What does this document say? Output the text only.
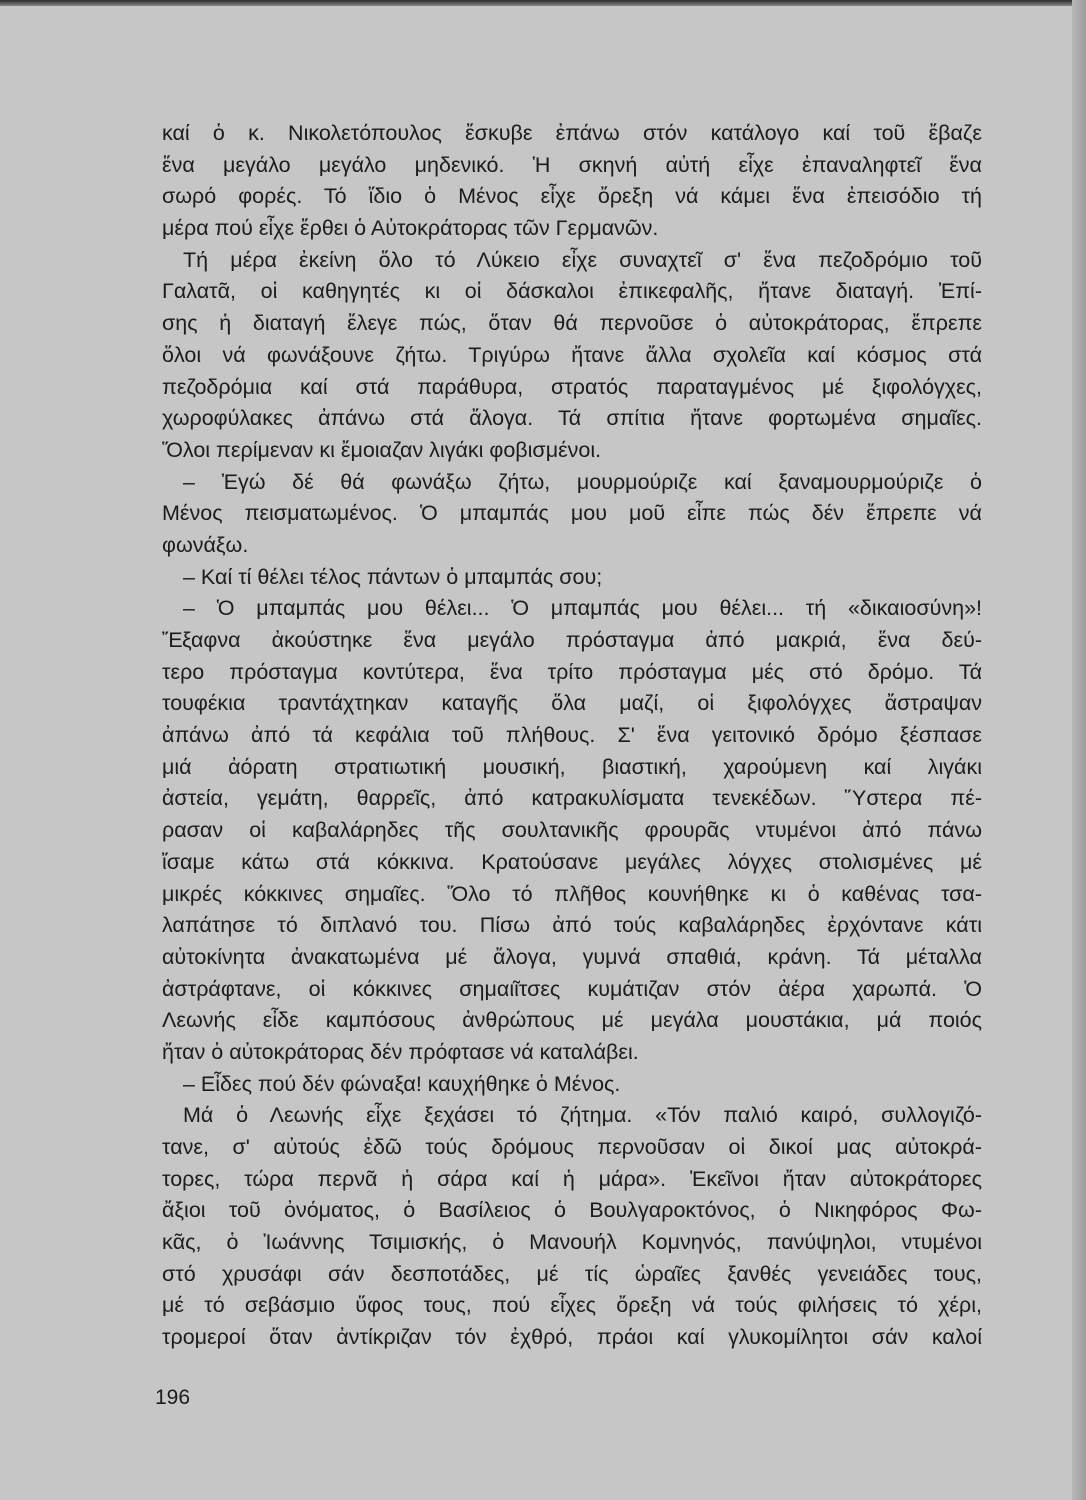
καί ὁ κ. Νικολετόπουλος ἔσκυβε ἐπάνω στόν κατάλογο καί τοῦ ἔβαζε
ἕνα μεγάλο μεγάλο μηδενικό. Ἡ σκηνή αὐτή εἶχε ἐπαναληφτεῖ ἕνα
σωρό φορές. Τό ἴδιο ὁ Μένος εἶχε ὄρεξη νά κάμει ἕνα ἐπεισόδιο τή
μέρα πού εἶχε ἔρθει ὁ Αὐτοκράτορας τῶν Γερμανῶν.
Τή μέρα ἐκείνη ὅλο τό Λύκειο εἶχε συναχτεῖ σ' ἕνα πεζοδρόμιο τοῦ
Γαλατᾶ, οἱ καθηγητές κι οἱ δάσκαλοι ἐπικεφαλῆς, ἤτανε διαταγή. Ἐπί-
σης ἡ διαταγή ἔλεγε πώς, ὅταν θά περνοῦσε ὁ αὐτοκράτορας, ἔπρεπε
ὅλοι νά φωνάξουνε ζήτω. Τριγύρω ἤτανε ἄλλα σχολεῖα καί κόσμος στά
πεζοδρόμια καί στά παράθυρα, στρατός παραταγμένος μέ ξιφολόγχες,
χωροφύλακες ἀπάνω στά ἄλογα. Τά σπίτια ἤτανε φορτωμένα σημαῖες.
Ὅλοι περίμεναν κι ἔμοιαζαν λιγάκι φοβισμένοι.
– Ἐγώ δέ θά φωνάξω ζήτω, μουρμούριζε καί ξαναμουρμούριζε ὁ
Μένος πεισματωμένος. Ὁ μπαμπάς μου μοῦ εἶπε πώς δέν ἔπρεπε νά
φωνάξω.
– Καί τί θέλει τέλος πάντων ὁ μπαμπάς σου;
– Ὁ μπαμπάς μου θέλει... Ὁ μπαμπάς μου θέλει... τή «δικαιοσύνη»!
Ἔξαφνα ἀκούστηκε ἕνα μεγάλο πρόσταγμα ἀπό μακριά, ἕνα δεύ-
τερο πρόσταγμα κοντύτερα, ἕνα τρίτο πρόσταγμα μές στό δρόμο. Τά
τουφέκια τραντάχτηκαν καταγῆς ὅλα μαζί, οἱ ξιφολόγχες ἄστραψαν
ἀπάνω ἀπό τά κεφάλια τοῦ πλήθους. Σ' ἕνα γειτονικό δρόμο ξέσπασε
μιά ἀόρατη στρατιωτική μουσική, βιαστική, χαρούμενη καί λιγάκι
ἀστεία, γεμάτη, θαρρεῖς, ἀπό κατρακυλίσματα τενεκέδων. Ὕστερα πέ-
ρασαν οἱ καβαλάρηδες τῆς σουλτανικῆς φρουρᾶς ντυμένοι ἀπό πάνω
ἴσαμε κάτω στά κόκκινα. Κρατούσανε μεγάλες λόγχες στολισμένες μέ
μικρές κόκκινες σημαῖες. Ὅλο τό πλῆθος κουνήθηκε κι ὁ καθένας τσα-
λαπάτησε τό διπλανό του. Πίσω ἀπό τούς καβαλάρηδες ἐρχόντανε κάτι
αὐτοκίνητα ἀνακατωμένα μέ ἄλογα, γυμνά σπαθιά, κράνη. Τά μέταλλα
ἀστράφτανε, οἱ κόκκινες σημαιῖτσες κυμάτιζαν στόν ἀέρα χαρωπά. Ὁ
Λεωνής εἶδε καμπόσους ἀνθρώπους μέ μεγάλα μουστάκια, μά ποιός
ἤταν ὁ αὐτοκράτορας δέν πρόφτασε νά καταλάβει.
– Εἶδες πού δέν φώναξα! καυχήθηκε ὁ Μένος.
Μά ὁ Λεωνής εἶχε ξεχάσει τό ζήτημα. «Τόν παλιό καιρό, συλλογιζό-
τανε, σ' αὐτούς ἐδῶ τούς δρόμους περνοῦσαν οἱ δικοί μας αὐτοκρά-
τορες, τώρα περνᾶ ἡ σάρα καί ἡ μάρα». Ἐκεῖνοι ἤταν αὐτοκράτορες
ἄξιοι τοῦ ὀνόματος, ὁ Βασίλειος ὁ Βουλγαροκτόνος, ὁ Νικηφόρος Φω-
κᾶς, ὁ Ἰωάννης Τσιμισκής, ὁ Μανουήλ Κομνηνός, πανύψηλοι, ντυμένοι
στό χρυσάφι σάν δεσποτάδες, μέ τίς ὡραῖες ξανθές γενειάδες τους,
μέ τό σεβάσμιο ὕφος τους, πού εἶχες ὄρεξη νά τούς φιλήσεις τό χέρι,
τρομεροί ὅταν ἀντίκριζαν τόν ἐχθρό, πράοι καί γλυκομίλητοι σάν καλοί
196
